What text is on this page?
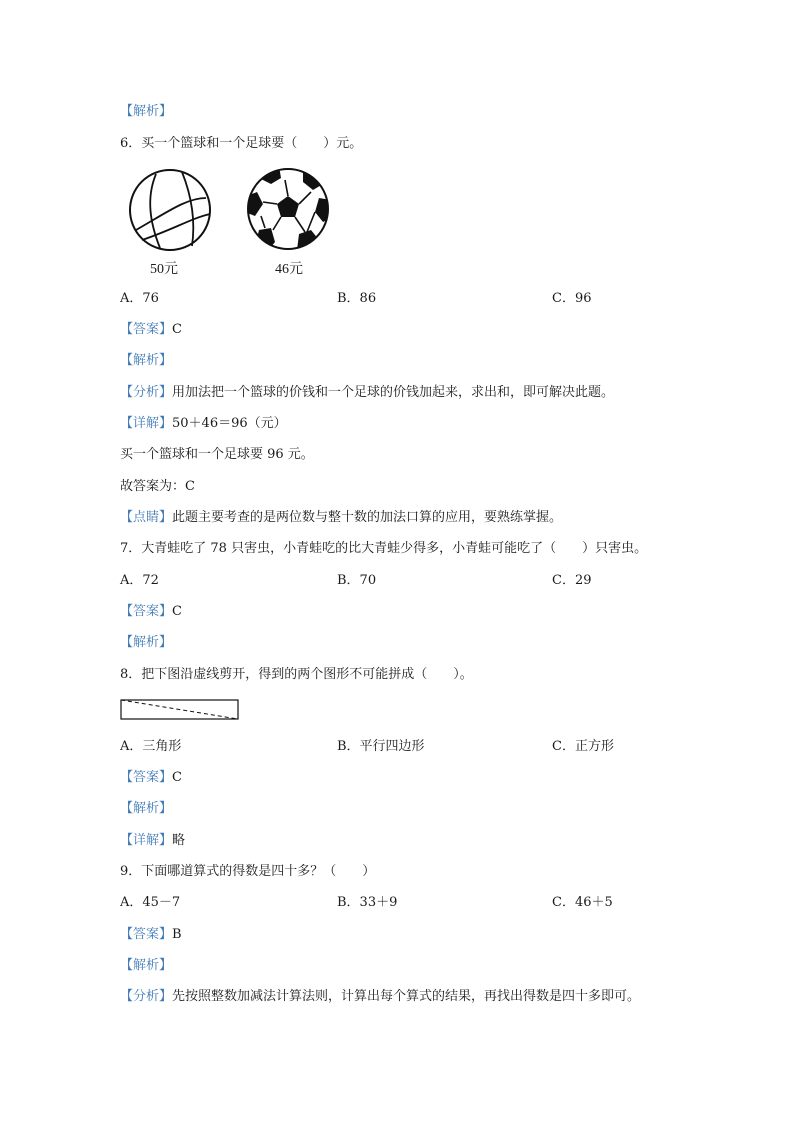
【解析】
6．买一个篮球和一个足球要（　　）元。
50元	46元
A．76	B．86	C．96
【答案】C
【解析】
【分析】用加法把一个篮球的价钱和一个足球的价钱加起来，求出和，即可解决此题。
【详解】50＋46＝96（元）
买一个篮球和一个足球要 96 元。
故答案为：C
【点睛】此题主要考查的是两位数与整十数的加法口算的应用，要熟练掌握。
7．大青蛙吃了 78 只害虫，小青蛙吃的比大青蛙少得多，小青蛙可能吃了（　　）只害虫。
A．72	B．70	C．29
【答案】C
【解析】
8．把下图沿虚线剪开，得到的两个图形不可能拼成（　　）。
A．三角形	B．平行四边形	C．正方形
【答案】C
【解析】
【详解】略
9．下面哪道算式的得数是四十多？（　　）
A．45－7	B．33＋9	C．46＋5
【答案】B
【解析】
【分析】先按照整数加减法计算法则，计算出每个算式的结果，再找出得数是四十多即可。
